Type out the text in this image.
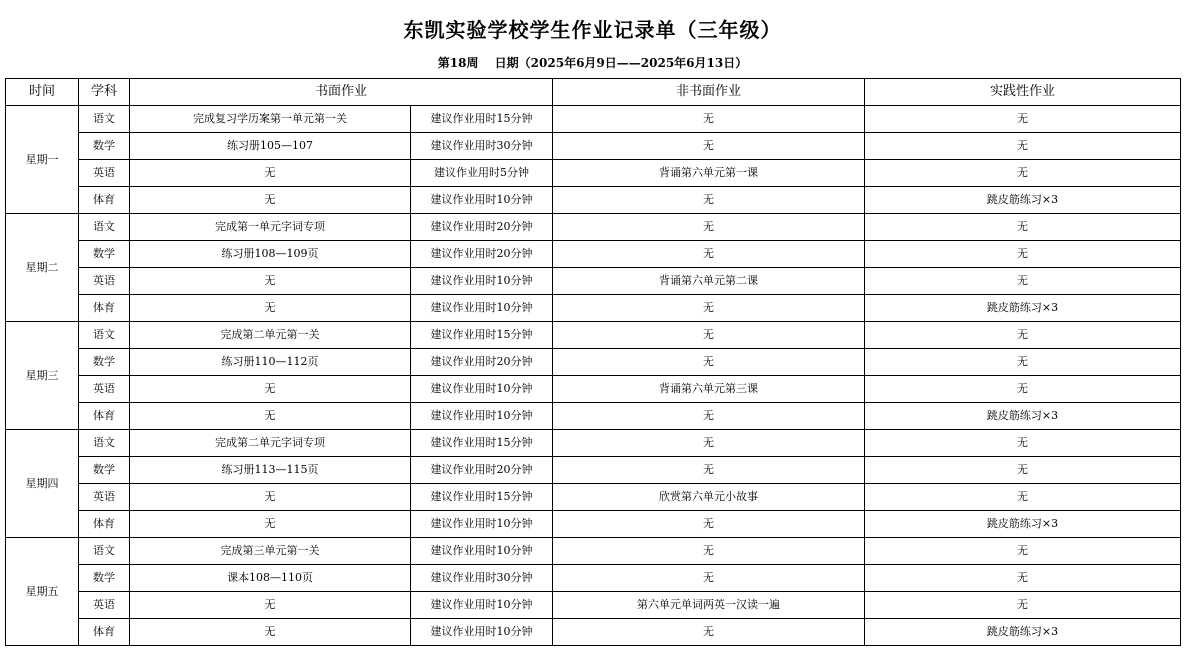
东凯实验学校学生作业记录单（三年级）
第18周 日期（2025年6月9日——2025年6月13日）
时间	学科	书面作业		非书面作业	实践性作业
星期一	语文	完成复习学历案第一单元第一关	建议作业用时15分钟	无	无
	数学	练习册105—107	建议作业用时30分钟	无	无
	英语	无	建议作业用时5分钟	背诵第六单元第一课	无
	体育	无	建议作业用时10分钟	无	跳皮筋练习×3
星期二	语文	完成第一单元字词专项	建议作业用时20分钟	无	无
	数学	练习册108—109页	建议作业用时20分钟	无	无
	英语	无	建议作业用时10分钟	背诵第六单元第二课	无
	体育	无	建议作业用时10分钟	无	跳皮筋练习×3
星期三	语文	完成第二单元第一关	建议作业用时15分钟	无	无
	数学	练习册110—112页	建议作业用时20分钟	无	无
	英语	无	建议作业用时10分钟	背诵第六单元第三课	无
	体育	无	建议作业用时10分钟	无	跳皮筋练习×3
星期四	语文	完成第二单元字词专项	建议作业用时15分钟	无	无
	数学	练习册113—115页	建议作业用时20分钟	无	无
	英语	无	建议作业用时15分钟	欣赏第六单元小故事	无
	体育	无	建议作业用时10分钟	无	跳皮筋练习×3
星期五	语文	完成第三单元第一关	建议作业用时10分钟	无	无
	数学	课本108—110页	建议作业用时30分钟	无	无
	英语	无	建议作业用时10分钟	第六单元单词两英一汉读一遍	无
	体育	无	建议作业用时10分钟	无	跳皮筋练习×3
